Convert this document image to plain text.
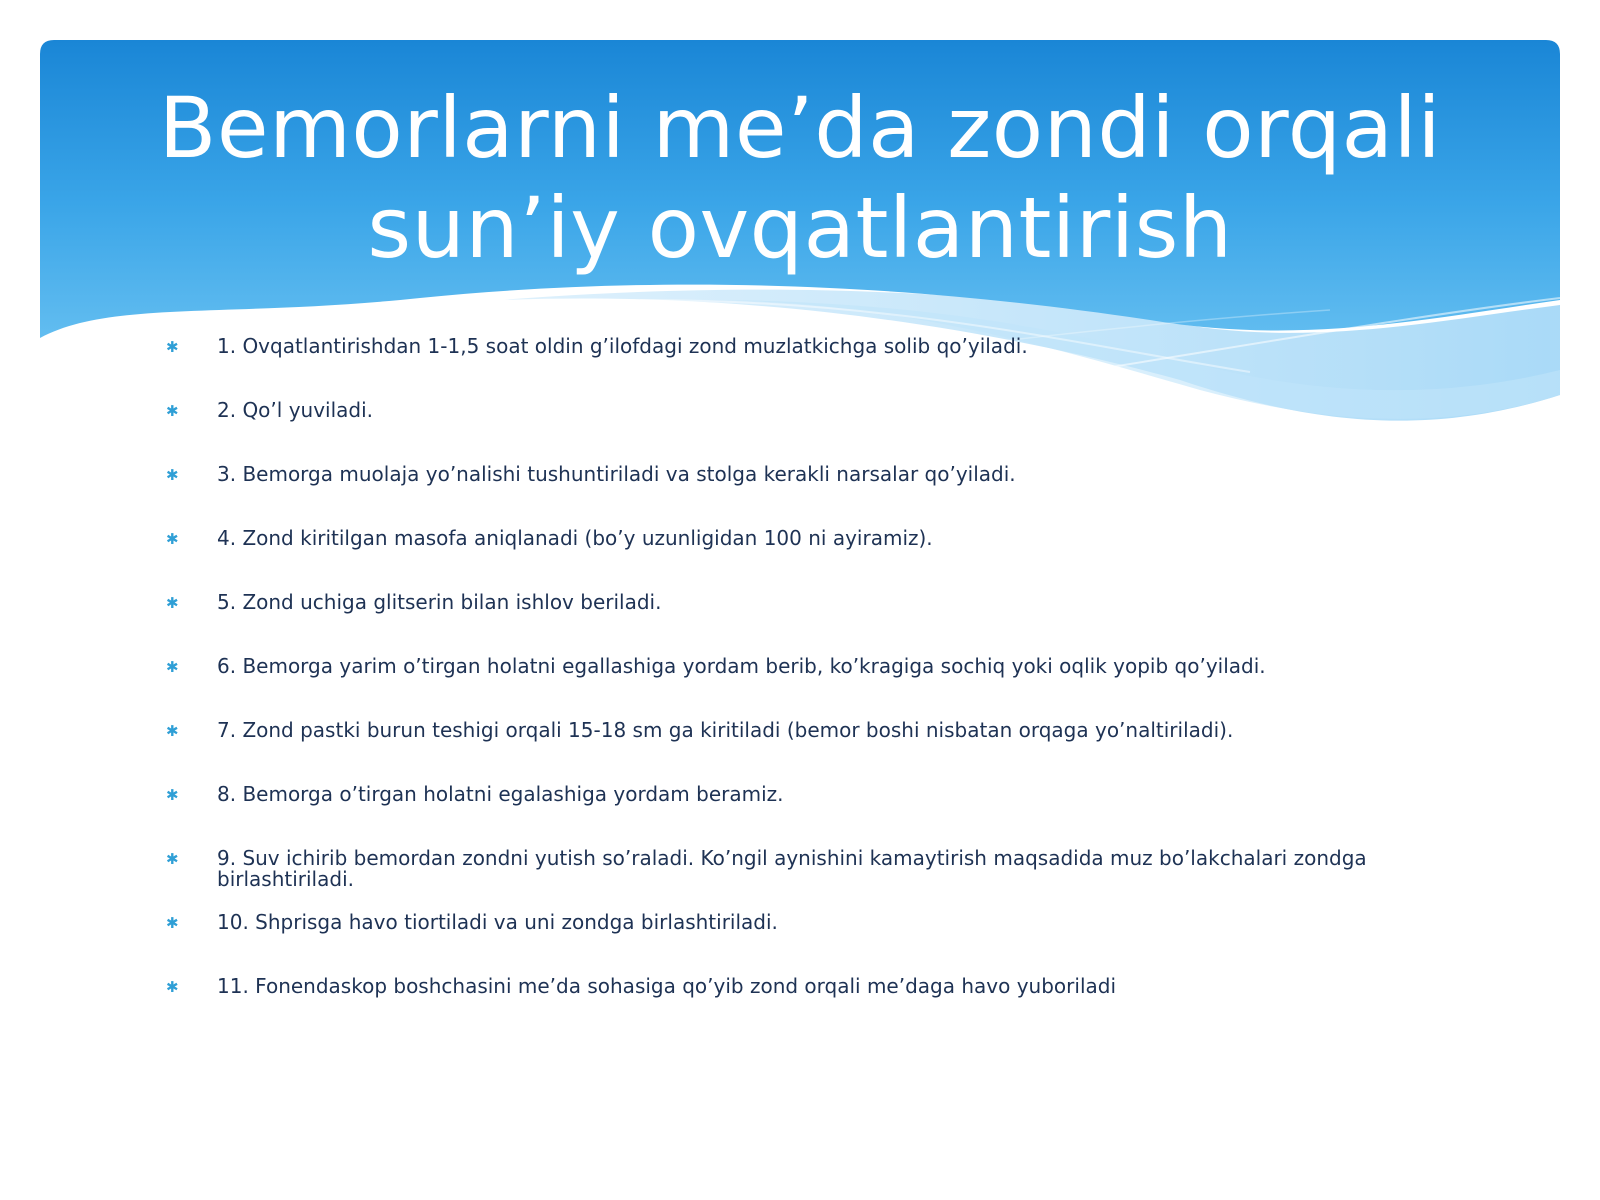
Bemorlarni me’da zondi orqali
sun’iy ovqatlantirish
✱ 1. Ovqatlantirishdan 1-1,5 soat oldin g’ilofdagi zond muzlatkichga solib qo’yiladi.
✱ 2. Qo’l yuviladi.
✱ 3. Bemorga muolaja yo’nalishi tushuntiriladi va stolga kerakli narsalar qo’yiladi.
✱ 4. Zond kiritilgan masofa aniqlanadi (bo’y uzunligidan 100 ni ayiramiz).
✱ 5. Zond uchiga glitserin bilan ishlov beriladi.
✱ 6. Bemorga yarim o’tirgan holatni egallashiga yordam berib, ko’kragiga sochiq yoki oqlik yopib qo’yiladi.
✱ 7. Zond pastki burun teshigi orqali 15-18 sm ga kiritiladi (bemor boshi nisbatan orqaga yo’naltiriladi).
✱ 8. Bemorga o’tirgan holatni egalashiga yordam beramiz.
✱ 9. Suv ichirib bemordan zondni yutish so’raladi. Ko’ngil aynishini kamaytirish maqsadida muz bo’lakchalari zondga birlashtiriladi.
✱ 10. Shprisga havo tiortiladi va uni zondga birlashtiriladi.
✱ 11. Fonendaskop boshchasini me’da sohasiga qo’yib zond orqali me’daga havo yuboriladi
